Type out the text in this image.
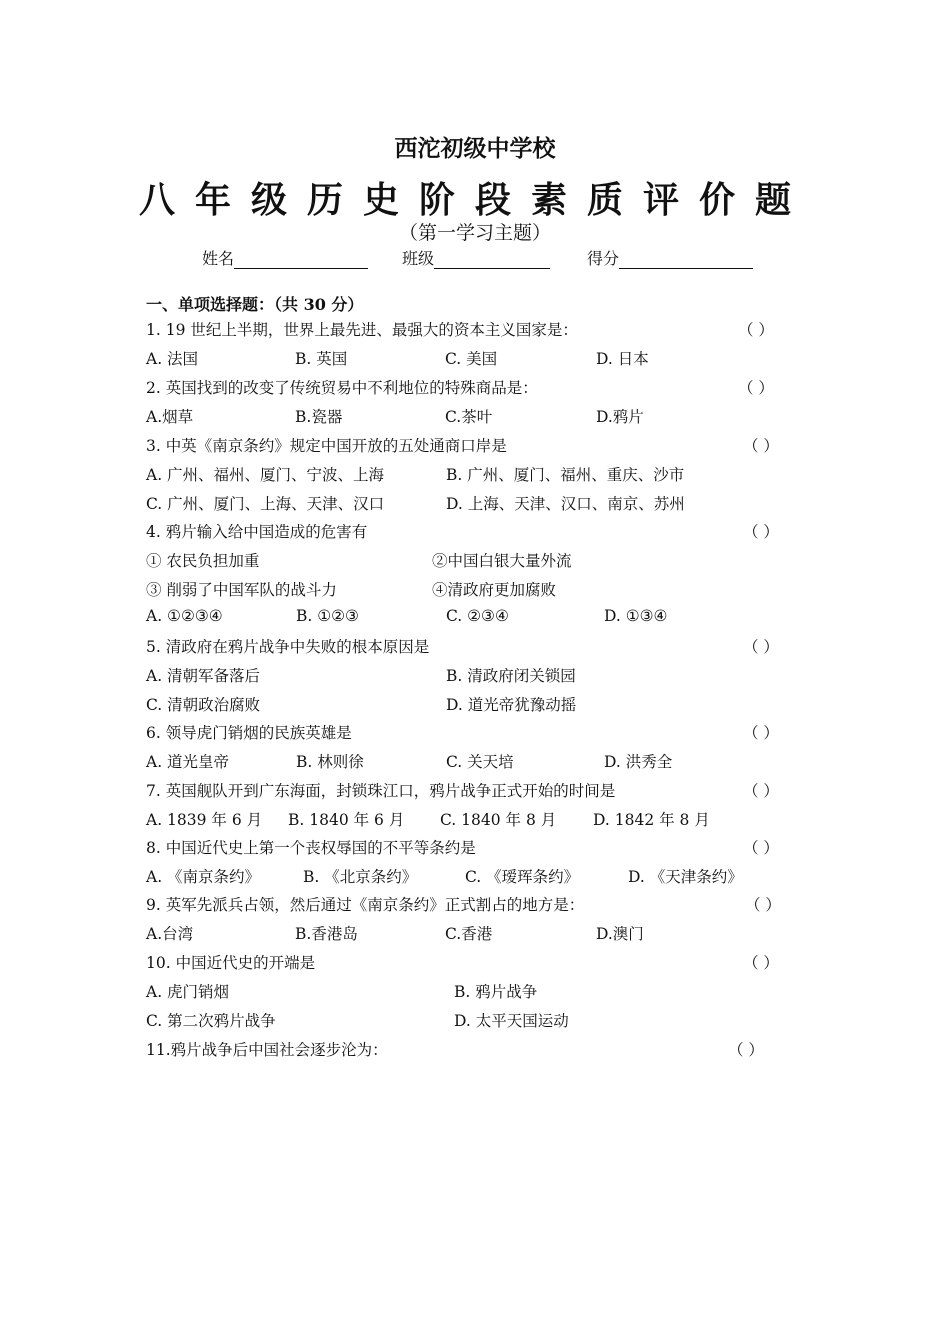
西沱初级中学校
八年级历史阶段素质评价题
（第一学习主题）
姓名	班级	得分
一、单项选择题：（共 30 分）
1. 19 世纪上半期，世界上最先进、最强大的资本主义国家是：	（ ）
A. 法国	B. 英国	C. 美国	D. 日本
2. 英国找到的改变了传统贸易中不利地位的特殊商品是：	（ ）
A.烟草	B.瓷器	C.茶叶	D.鸦片
3. 中英《南京条约》规定中国开放的五处通商口岸是	（ ）
A. 广州、福州、厦门、宁波、上海	B. 广州、厦门、福州、重庆、沙市
C. 广州、厦门、上海、天津、汉口	D. 上海、天津、汉口、南京、苏州
4. 鸦片输入给中国造成的危害有	（ ）
① 农民负担加重	②中国白银大量外流
③ 削弱了中国军队的战斗力	④清政府更加腐败
A. ①②③④	B. ①②③	C. ②③④	D. ①③④
5. 清政府在鸦片战争中失败的根本原因是	（ ）
A. 清朝军备落后	B. 清政府闭关锁园
C. 清朝政治腐败	D. 道光帝犹豫动摇
6. 领导虎门销烟的民族英雄是	（ ）
A. 道光皇帝	B. 林则徐	C. 关天培	D. 洪秀全
7. 英国舰队开到广东海面，封锁珠江口，鸦片战争正式开始的时间是	（ ）
A. 1839 年 6 月 B. 1840 年 6 月 C. 1840 年 8 月 D. 1842 年 8 月
8. 中国近代史上第一个丧权辱国的不平等条约是	（ ）
A. 《南京条约》	B. 《北京条约》	C. 《瑷珲条约》	D. 《天津条约》
9. 英军先派兵占领，然后通过《南京条约》正式割占的地方是：	（ ）
A.台湾	B.香港岛	C.香港	D.澳门
10. 中国近代史的开端是	（ ）
A. 虎门销烟	B. 鸦片战争
C. 第二次鸦片战争	D. 太平天国运动
11.鸦片战争后中国社会逐步沦为：	（ ）
